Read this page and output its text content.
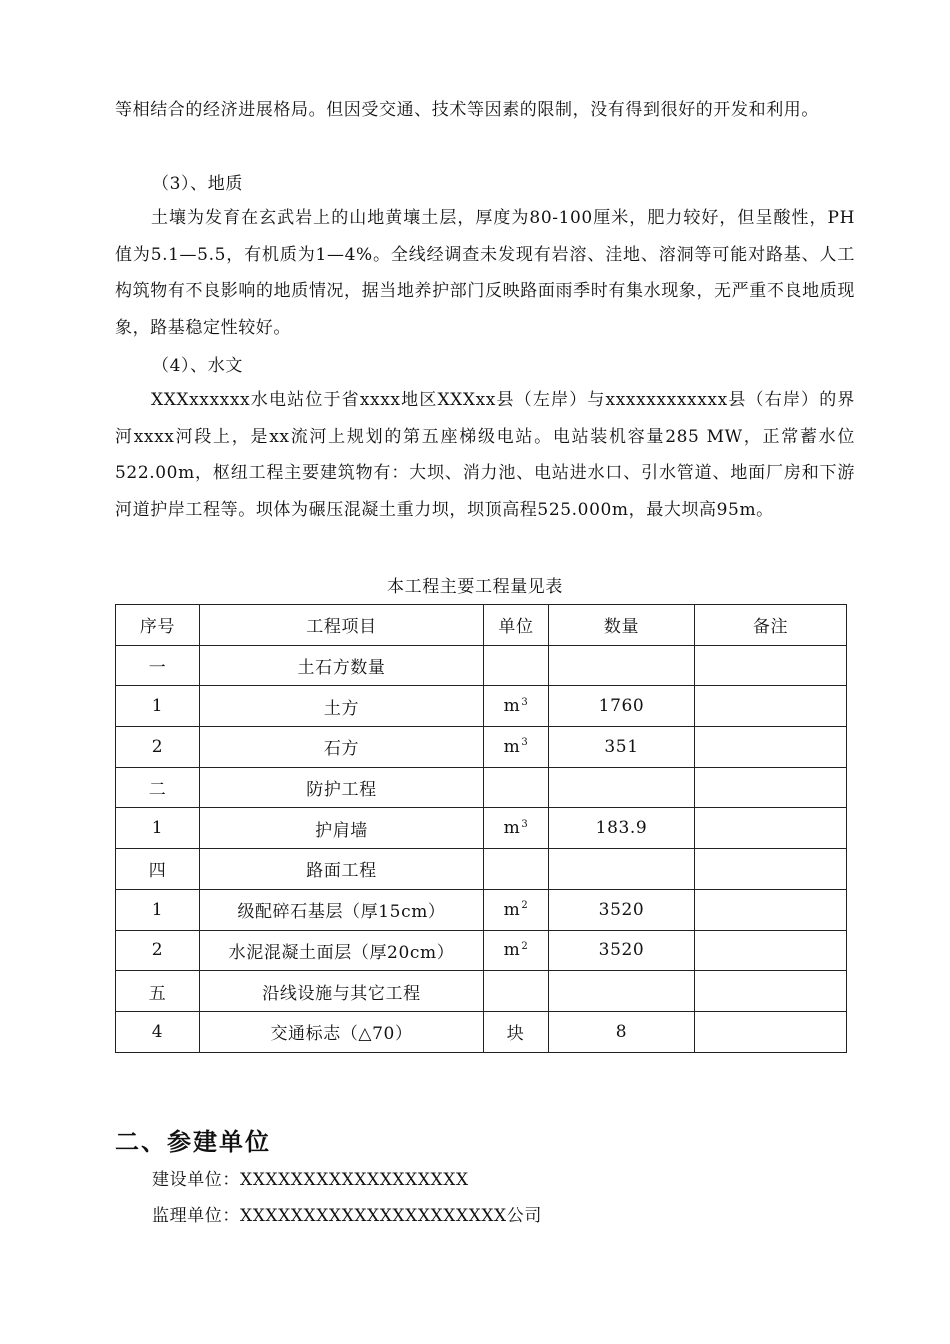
等相结合的经济进展格局。但因受交通、技术等因素的限制，没有得到很好的开发和利用。

（3）、地质

土壤为发育在玄武岩上的山地黄壤土层，厚度为80-100厘米，肥力较好，但呈酸性，PH值为5.1—5.5，有机质为1—4%。全线经调查未发现有岩溶、洼地、溶洞等可能对路基、人工构筑物有不良影响的地质情况，据当地养护部门反映路面雨季时有集水现象，无严重不良地质现象，路基稳定性较好。

（4）、水文

XXXxxxxxx水电站位于省xxxx地区XXXxx县（左岸）与xxxxxxxxxxxx县（右岸）的界河xxxx河段上，是xx流河上规划的第五座梯级电站。电站装机容量285 MW，正常蓄水位522.00m，枢纽工程主要建筑物有：大坝、消力池、电站进水口、引水管道、地面厂房和下游河道护岸工程等。坝体为碾压混凝土重力坝，坝顶高程525.000m，最大坝高95m。

本工程主要工程量见表
序号	工程项目	单位	数量	备注
一	土石方数量			
1	土方	$m^3$	1760	
2	石方	$m^3$	351	
二	防护工程			
1	护肩墙	$m^3$	183.9	
四	路面工程			
1	级配碎石基层（厚15cm）	$m^2$	3520	
2	水泥混凝土面层（厚20cm）	$m^2$	3520	
五	沿线设施与其它工程			
4	交通标志（△70）	块	8	
二、参建单位

建设单位：XXXXXXXXXXXXXXXXXX

监理单位：XXXXXXXXXXXXXXXXXXXXX公司
